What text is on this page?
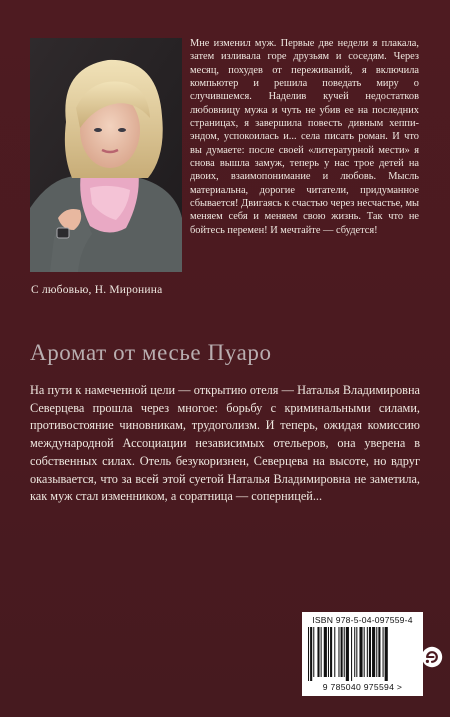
Мне изменил муж. Первые две недели я плакала, затем изливала горе друзьям и соседям. Через месяц, похудев от переживаний, я включила компьютер и решила поведать миру о случившемся. Наделив кучей недостатков любовницу мужа и чуть не убив ее на последних страницах, я завершила повесть дивным хеппи-эндом, успокоилась и... села писать роман. И что вы думаете: после своей «литературной мести» я снова вышла замуж, теперь у нас трое детей на двоих, взаимопонимание и любовь. Мысль материальна, дорогие читатели, придуманное сбывается! Двигаясь к счастью через несчастье, мы меняем себя и меняем свою жизнь. Так что не бойтесь перемен! И мечтайте — сбудется!
С любовью, Н. Миронина
Аромат от месье Пуаро
На пути к намеченной цели — открытию отеля — Наталья Владимировна Северцева прошла через многое: борьбу с криминальными силами, противостояние чиновникам, трудоголизм. И теперь, ожидая комиссию международной Ассоциации независимых отельеров, она уверена в собственных силах. Отель безукоризнен, Северцева на высоте, но вдруг оказывается, что за всей этой суетой Наталья Владимировна не заметила, как муж стал изменником, а соратница — соперницей...
ISBN 978-5-04-097559-4
9 785040 975594 >
